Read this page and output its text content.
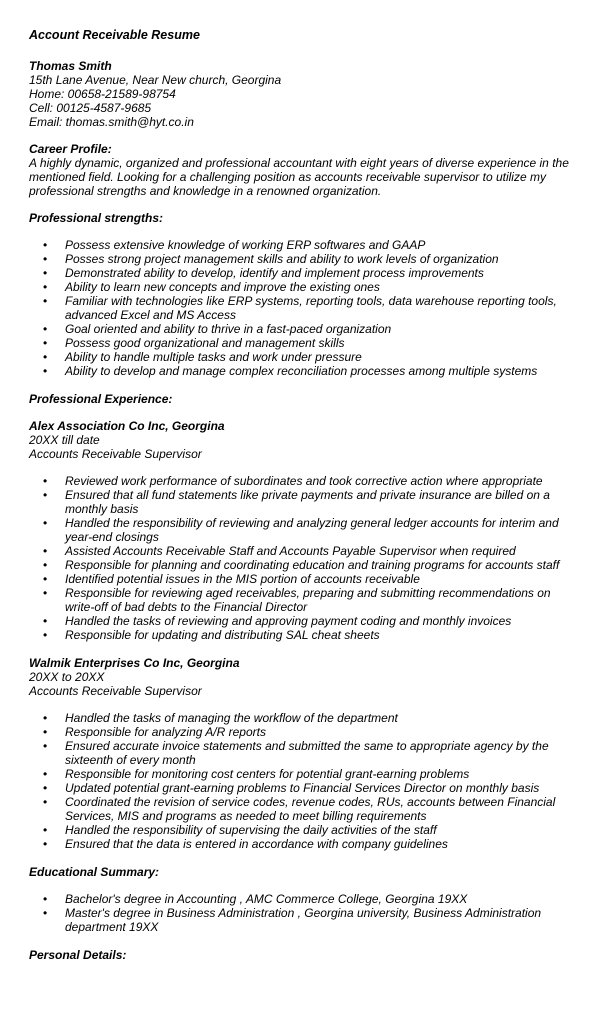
Account Receivable Resume
Thomas Smith
15th Lane Avenue, Near New church, Georgina
Home: 00658-21589-98754
Cell: 00125-4587-9685
Email: thomas.smith@hyt.co.in
Career Profile:

A highly dynamic, organized and professional accountant with eight years of diverse experience in the mentioned field. Looking for a challenging position as accounts receivable supervisor to utilize my professional strengths and knowledge in a renowned organization.

Professional strengths:
• Possess extensive knowledge of working ERP softwares and GAAP
• Posses strong project management skills and ability to work levels of organization
• Demonstrated ability to develop, identify and implement process improvements
• Ability to learn new concepts and improve the existing ones
• Familiar with technologies like ERP systems, reporting tools, data warehouse reporting tools, advanced Excel and MS Access
• Goal oriented and ability to thrive in a fast-paced organization
• Possess good organizational and management skills
• Ability to handle multiple tasks and work under pressure
• Ability to develop and manage complex reconciliation processes among multiple systems
Professional Experience:
Alex Association Co Inc, Georgina
20XX till date
Accounts Receivable Supervisor
• Reviewed work performance of subordinates and took corrective action where appropriate
• Ensured that all fund statements like private payments and private insurance are billed on a monthly basis
• Handled the responsibility of reviewing and analyzing general ledger accounts for interim and year-end closings
• Assisted Accounts Receivable Staff and Accounts Payable Supervisor when required
• Responsible for planning and coordinating education and training programs for accounts staff
• Identified potential issues in the MIS portion of accounts receivable
• Responsible for reviewing aged receivables, preparing and submitting recommendations on write-off of bad debts to the Financial Director
• Handled the tasks of reviewing and approving payment coding and monthly invoices
• Responsible for updating and distributing SAL cheat sheets
Walmik Enterprises Co Inc, Georgina
20XX to 20XX
Accounts Receivable Supervisor
• Handled the tasks of managing the workflow of the department
• Responsible for analyzing A/R reports
• Ensured accurate invoice statements and submitted the same to appropriate agency by the sixteenth of every month
• Responsible for monitoring cost centers for potential grant-earning problems
• Updated potential grant-earning problems to Financial Services Director on monthly basis
• Coordinated the revision of service codes, revenue codes, RUs, accounts between Financial Services, MIS and programs as needed to meet billing requirements
• Handled the responsibility of supervising the daily activities of the staff
• Ensured that the data is entered in accordance with company guidelines
Educational Summary:
• Bachelor's degree in Accounting , AMC Commerce College, Georgina 19XX
• Master's degree in Business Administration , Georgina university, Business Administration department 19XX
Personal Details:
